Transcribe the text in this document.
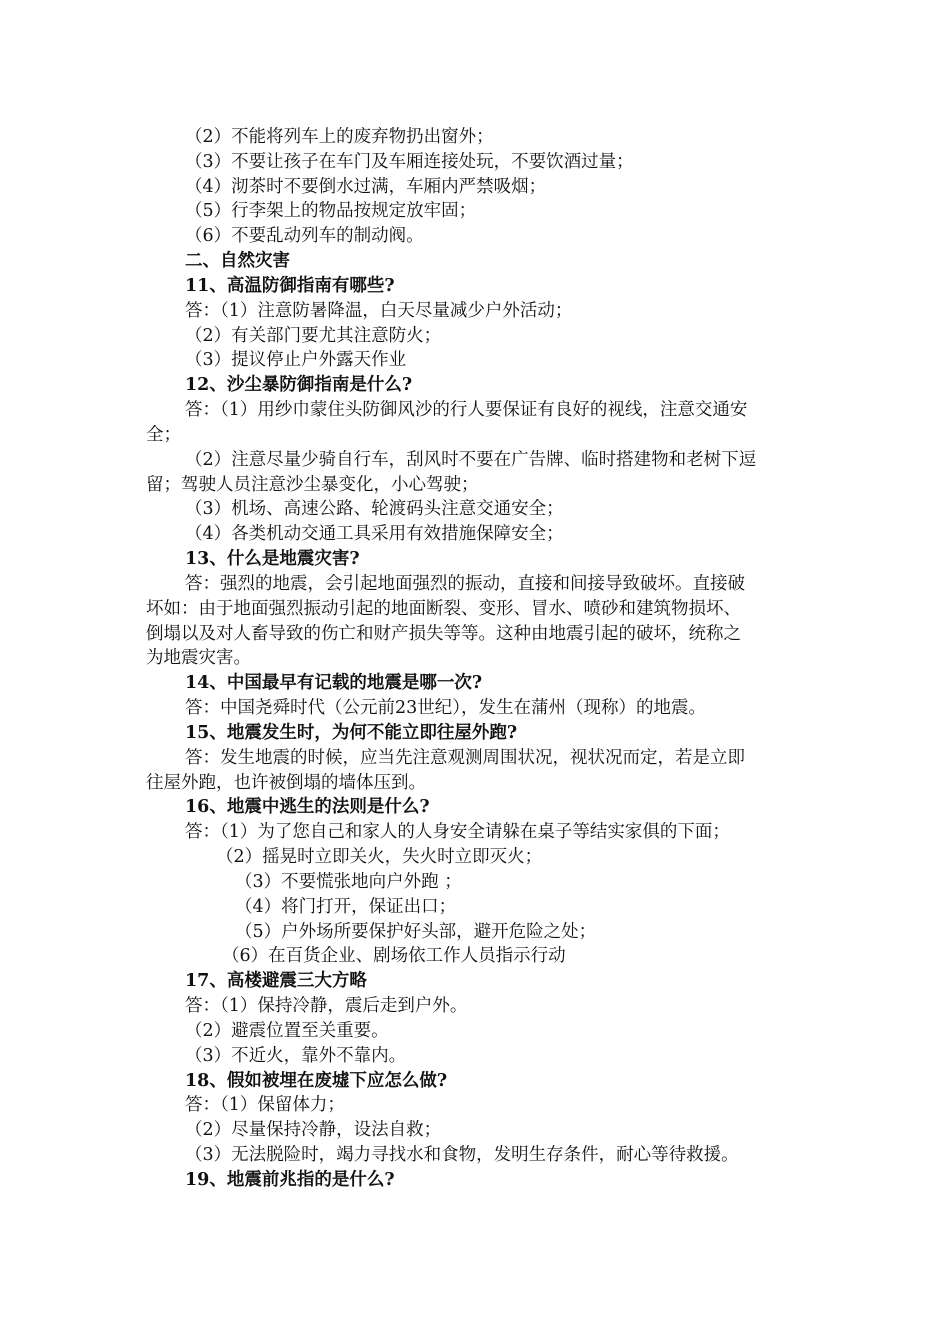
（2）不能将列车上的废弃物扔出窗外；
（3）不要让孩子在车门及车厢连接处玩，不要饮酒过量；
（4）沏茶时不要倒水过满，车厢内严禁吸烟；
（5）行李架上的物品按规定放牢固；
（6）不要乱动列车的制动阀。
二、自然灾害
11、高温防御指南有哪些?
答：（1）注意防暑降温，白天尽量减少户外活动；
（2）有关部门要尤其注意防火；
（3）提议停止户外露天作业
12、沙尘暴防御指南是什么?
答：（1）用纱巾蒙住头防御风沙的行人要保证有良好的视线，注意交通安
全；
（2）注意尽量少骑自行车，刮风时不要在广告牌、临时搭建物和老树下逗
留；驾驶人员注意沙尘暴变化，小心驾驶；
（3）机场、高速公路、轮渡码头注意交通安全；
（4）各类机动交通工具采用有效措施保障安全；
13、什么是地震灾害?
答：强烈的地震，会引起地面强烈的振动，直接和间接导致破坏。直接破
坏如：由于地面强烈振动引起的地面断裂、变形、冒水、喷砂和建筑物损坏、
倒塌以及对人畜导致的伤亡和财产损失等等。这种由地震引起的破坏，统称之
为地震灾害。
14、中国最早有记载的地震是哪一次?
答：中国尧舜时代（公元前23世纪），发生在蒲州（现称）的地震。
15、地震发生时，为何不能立即往屋外跑?
答：发生地震的时候，应当先注意观测周围状况，视状况而定，若是立即
往屋外跑，也许被倒塌的墙体压到。
16、地震中逃生的法则是什么?
答：（1）为了您自己和家人的人身安全请躲在桌子等结实家俱的下面；
（2）摇晃时立即关火，失火时立即灭火；
（3）不要慌张地向户外跑 ；
（4）将门打开，保证出口；
（5）户外场所要保护好头部，避开危险之处；
（6）在百货企业、剧场依工作人员指示行动
17、高楼避震三大方略
答：（1）保持冷静，震后走到户外。
（2）避震位置至关重要。
（3）不近火，靠外不靠内。
18、假如被埋在废墟下应怎么做?
答：（1）保留体力；
（2）尽量保持冷静，设法自救；
（3）无法脱险时，竭力寻找水和食物，发明生存条件，耐心等待救援。
19、地震前兆指的是什么?
